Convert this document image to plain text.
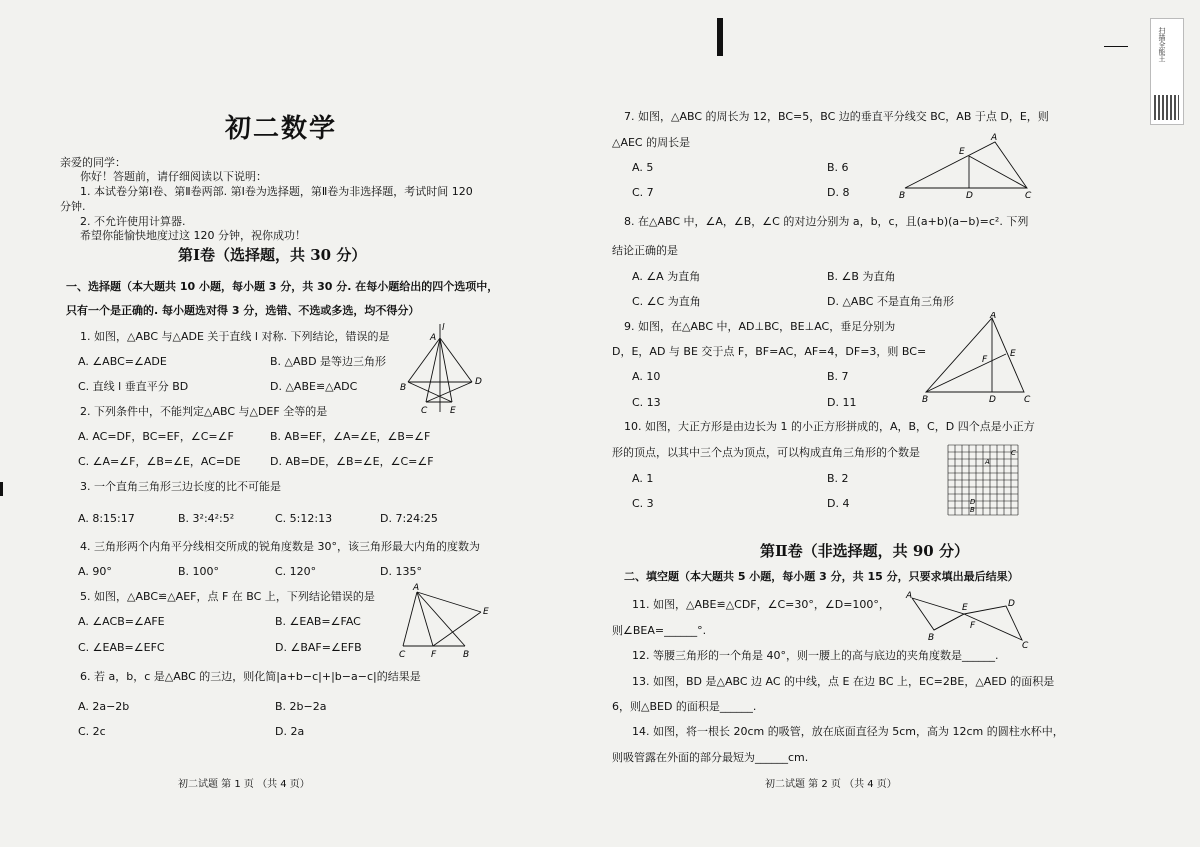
扫描全能王
初二数学
亲爱的同学：
你好！答题前，请仔细阅读以下说明：
1. 本试卷分第Ⅰ卷、第Ⅱ卷两部. 第Ⅰ卷为选择题，第Ⅱ卷为非选择题，考试时间 120
分钟.
2. 不允许使用计算器.
希望你能愉快地度过这 120 分钟，祝你成功！
第Ⅰ卷（选择题，共 30 分）
一、选择题（本大题共 10 小题，每小题 3 分，共 30 分. 在每小题给出的四个选项中，
只有一个是正确的. 每小题选对得 3 分，选错、不选或多选，均不得分）
1. 如图，△ABC 与△ADE 关于直线 l 对称. 下列结论，错误的是
A. ∠ABC=∠ADE	B. △ABD 是等边三角形
C. 直线 l 垂直平分 BD	D. △ABE≌△ADC
2. 下列条件中，不能判定△ABC 与△DEF 全等的是
A. AC=DF，BC=EF，∠C=∠F	B. AB=EF，∠A=∠E，∠B=∠F
C. ∠A=∠F，∠B=∠E，AC=DE	D. AB=DE，∠B=∠E，∠C=∠F
3. 一个直角三角形三边长度的比不可能是
A. 8:15:17	B. 3²:4²:5²	C. 5:12:13	D. 7:24:25
4. 三角形两个内角平分线相交所成的锐角度数是 30°，该三角形最大内角的度数为
A. 90°	B. 100°	C. 120°	D. 135°
5. 如图，△ABC≌△AEF，点 F 在 BC 上，下列结论错误的是
A. ∠ACB=∠AFE	B. ∠EAB=∠FAC
C. ∠EAB=∠EFC	D. ∠BAF=∠EFB
6. 若 a，b，c 是△ABC 的三边，则化简|a+b−c|+|b−a−c|的结果是
A. 2a−2b	B. 2b−2a
C. 2c	D. 2a
初二试题 第 1 页 （共 4 页）
l
A
B
C
D
E
A
E
B
C	F
7. 如图，△ABC 的周长为 12，BC=5，BC 边的垂直平分线交 BC，AB 于点 D，E，则
△AEC 的周长是
A. 5	B. 6
C. 7	D. 8
8. 在△ABC 中，∠A，∠B，∠C 的对边分别为 a，b，c，且(a+b)(a−b)=c². 下列
结论正确的是
A. ∠A 为直角	B. ∠B 为直角
C. ∠C 为直角	D. △ABC 不是直角三角形
9. 如图，在△ABC 中，AD⊥BC，BE⊥AC，垂足分别为
D，E，AD 与 BE 交于点 F，BF=AC，AF=4，DF=3，则 BC=
A. 10	B. 7
C. 13	D. 11
10. 如图，大正方形是由边长为 1 的小正方形拼成的，A，B，C，D 四个点是小正方
形的顶点，以其中三个点为顶点，可以构成直角三角形的个数是
A. 1	B. 2
C. 3	D. 4
第Ⅱ卷（非选择题，共 90 分）
二、填空题（本大题共 5 小题，每小题 3 分，共 15 分，只要求填出最后结果）
11. 如图，△ABE≌△CDF，∠C=30°，∠D=100°，
则∠BEA=______°.
12. 等腰三角形的一个角是 40°，则一腰上的高与底边的夹角度数是______.
13. 如图，BD 是△ABC 边 AC 的中线，点 E 在边 BC 上，EC=2BE，△AED 的面积是
6，则△BED 的面积是______.
14. 如图，将一根长 20cm 的吸管，放在底面直径为 5cm，高为 12cm 的圆柱水杯中，
则吸管露在外面的部分最短为______cm.
初二试题 第 2 页 （共 4 页）
A
E
B	D	C
A
E
F
B	D	C
A
C
B
D
A
E	D
B
F
C
